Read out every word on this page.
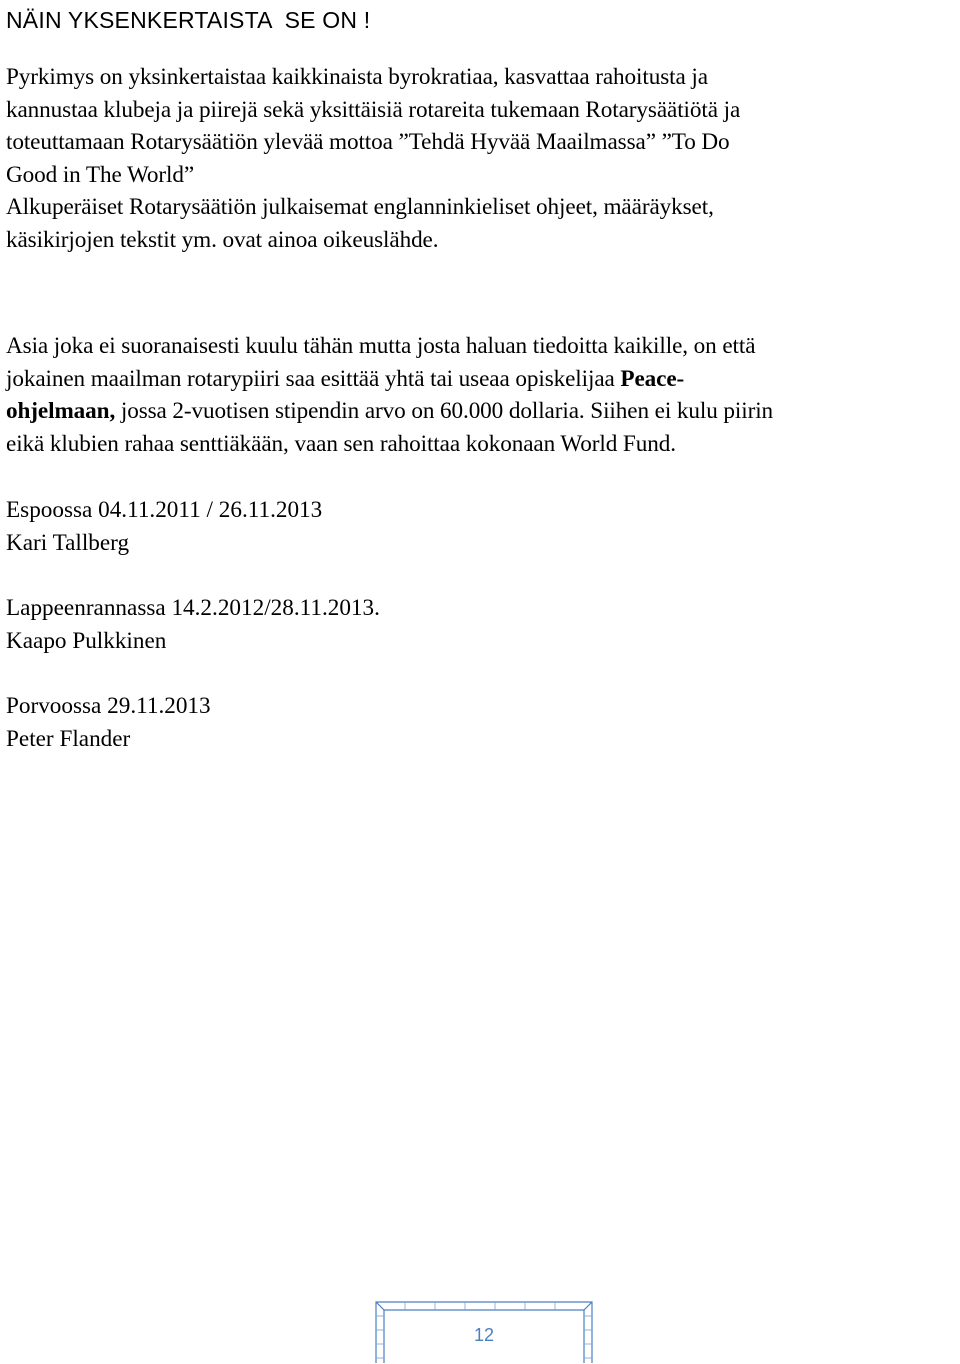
NÄIN YKSENKERTAISTA  SE ON !

Pyrkimys on yksinkertaistaa kaikkinaista byrokratiaa, kasvattaa rahoitusta ja
kannustaa klubeja ja piirejä sekä yksittäisiä rotareita tukemaan Rotarysäätiötä ja
toteuttamaan Rotarysäätiön ylevää mottoa ”Tehdä Hyvää Maailmassa” ”To Do
Good in The World”
Alkuperäiset Rotarysäätiön julkaisemat englanninkieliset ohjeet, määräykset,
käsikirjojen tekstit ym. ovat ainoa oikeuslähde.

Asia joka ei suoranaisesti kuulu tähän mutta josta haluan tiedoitta kaikille, on että
jokainen maailman rotarypiiri saa esittää yhtä tai useaa opiskelijaa Peace-
ohjelmaan, jossa 2-vuotisen stipendin arvo on 60.000 dollaria. Siihen ei kulu piirin
eikä klubien rahaa senttiäkään, vaan sen rahoittaa kokonaan World Fund.

Espoossa 04.11.2011 / 26.11.2013
Kari Tallberg
Lappeenrannassa 14.2.2012/28.11.2013.
Kaapo Pulkkinen
Porvoossa 29.11.2013
Peter Flander
12
